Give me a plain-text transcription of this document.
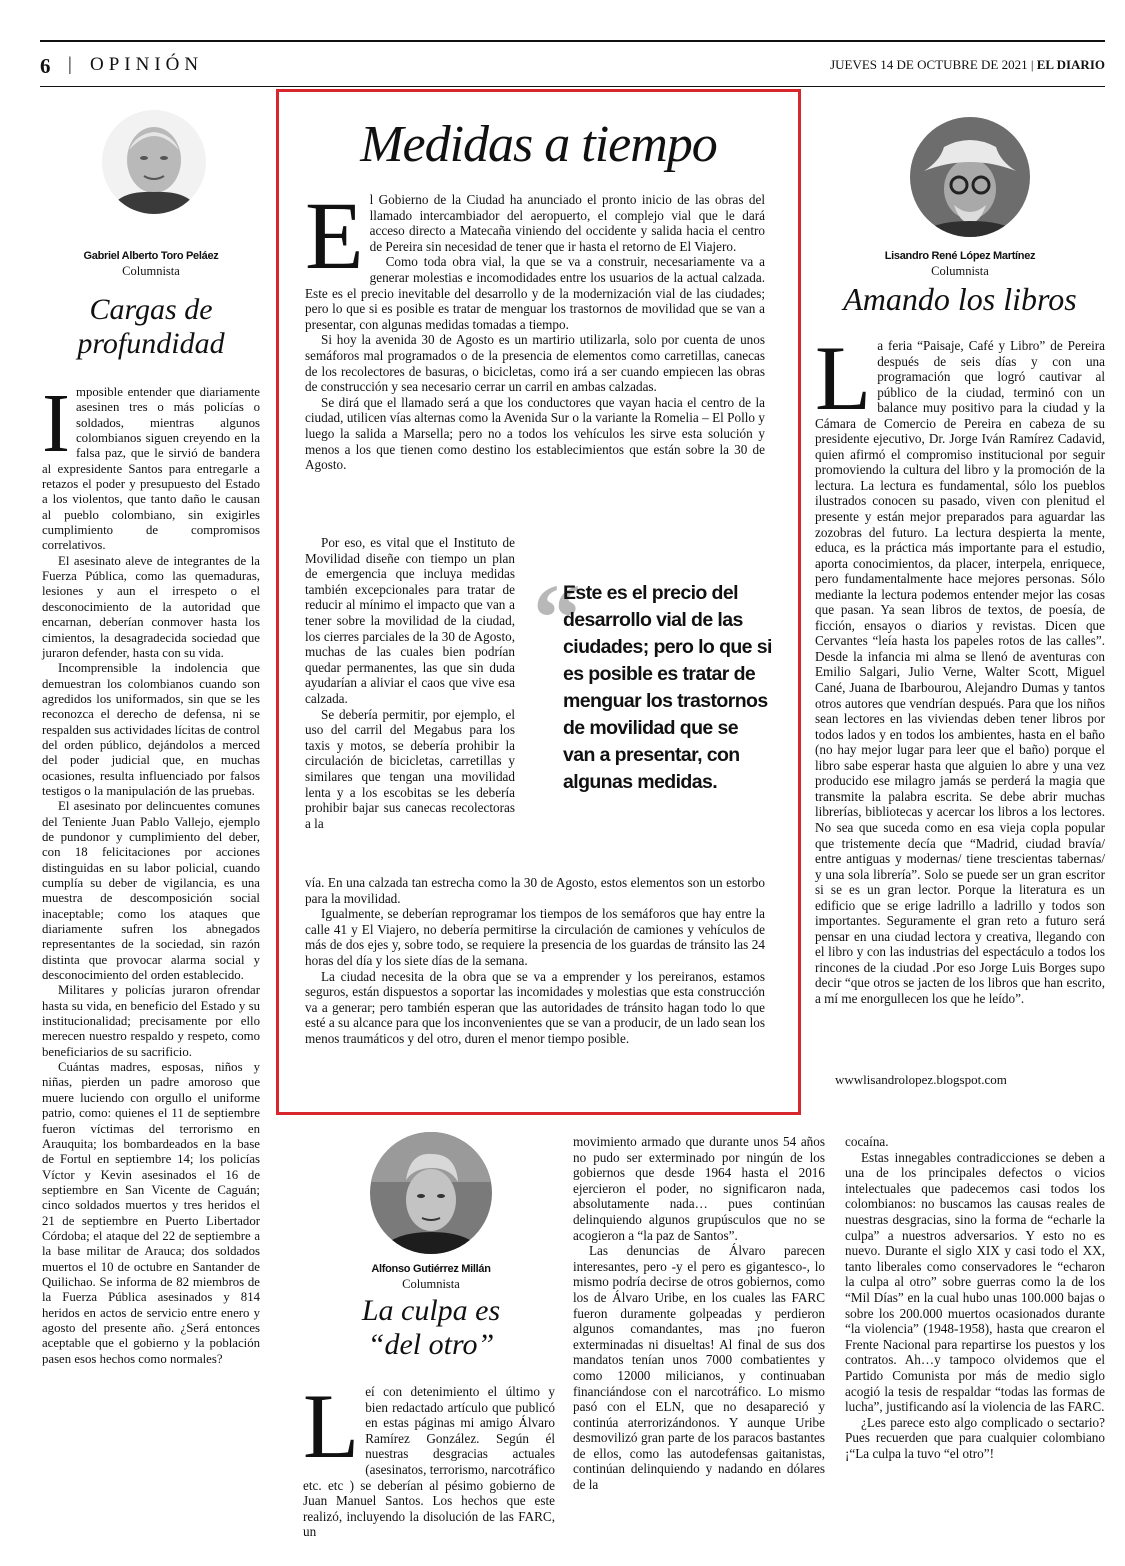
6 | OPINIÓN	JUEVES 14 DE OCTUBRE DE 2021 | EL DIARIO
Gabriel Alberto Toro Peláez
Columnista
Cargas de profundidad

Imposible entender que diariamente asesinen tres o más policías o soldados, mientras algunos colombianos siguen creyendo en la falsa paz, que le sirvió de bandera al expresidente Santos para entregarle a retazos el poder y presupuesto del Estado a los violentos, que tanto daño le causan al pueblo colombiano, sin exigirles cumplimiento de compromisos correlativos.

El asesinato aleve de integrantes de la Fuerza Pública, como las quemaduras, lesiones y aun el irrespeto o el desconocimiento de la autoridad que encarnan, deberían conmover hasta los cimientos, la desagradecida sociedad que juraron defender, hasta con su vida.

Incomprensible la indolencia que demuestran los colombianos cuando son agredidos los uniformados, sin que se les reconozca el derecho de defensa, ni se respalden sus actividades lícitas de control del orden público, dejándolos a merced del poder judicial que, en muchas ocasiones, resulta influenciado por falsos testigos o la manipulación de las pruebas.

El asesinato por delincuentes comunes del Teniente Juan Pablo Vallejo, ejemplo de pundonor y cumplimiento del deber, con 18 felicitaciones por acciones distinguidas en su labor policial, cuando cumplía su deber de vigilancia, es una muestra de descomposición social inaceptable; como los ataques que diariamente sufren los abnegados representantes de la sociedad, sin razón distinta que provocar alarma social y desconocimiento del orden establecido.

Militares y policías juraron ofrendar hasta su vida, en beneficio del Estado y su institucionalidad; precisamente por ello merecen nuestro respaldo y respeto, como beneficiarios de su sacrificio.

Cuántas madres, esposas, niños y niñas, pierden un padre amoroso que muere luciendo con orgullo el uniforme patrio, como: quienes el 11 de septiembre fueron víctimas del terrorismo en Arauquita; los bombardeados en la base de Fortul en septiembre 14; los policías Víctor y Kevin asesinados el 16 de septiembre en San Vicente de Caguán; cinco soldados muertos y tres heridos el 21 de septiembre en Puerto Libertador Córdoba; el ataque del 22 de septiembre a la base militar de Arauca; dos soldados muertos el 10 de octubre en Santander de Quilichao. Se informa de 82 miembros de la Fuerza Pública asesinados y 814 heridos en actos de servicio entre enero y agosto del presente año. ¿Será entonces aceptable que el gobierno y la población pasen esos hechos como normales?

Medidas a tiempo

El Gobierno de la Ciudad ha anunciado el pronto inicio de las obras del llamado intercambiador del aeropuerto, el complejo vial que le dará acceso directo a Matecaña viniendo del occidente y salida hacia el centro de Pereira sin necesidad de tener que ir hasta el retorno de El Viajero.

Como toda obra vial, la que se va a construir, necesariamente va a generar molestias e incomodidades entre los usuarios de la actual calzada. Este es el precio inevitable del desarrollo y de la modernización vial de las ciudades; pero lo que si es posible es tratar de menguar los trastornos de movilidad que se van a presentar, con algunas medidas tomadas a tiempo.

Si hoy la avenida 30 de Agosto es un martirio utilizarla, solo por cuenta de unos semáforos mal programados o de la presencia de elementos como carretillas, canecas de los recolectores de basuras, o bicicletas, como irá a ser cuando empiecen las obras de construcción y sea necesario cerrar un carril en ambas calzadas.

Se dirá que el llamado será a que los conductores que vayan hacia el centro de la ciudad, utilicen vías alternas como la Avenida Sur o la variante la Romelia – El Pollo y luego la salida a Marsella; pero no a todos los vehículos les sirve esta solución y menos a los que tienen como destino los establecimientos que están sobre la 30 de Agosto.

Por eso, es vital que el Instituto de Movilidad diseñe con tiempo un plan de emergencia que incluya medidas también excepcionales para tratar de reducir al mínimo el impacto que van a tener sobre la movilidad de la ciudad, los cierres parciales de la 30 de Agosto, muchas de las cuales bien podrían quedar permanentes, las que sin duda ayudarían a aliviar el caos que vive esa calzada.

Se debería permitir, por ejemplo, el uso del carril del Megabus para los taxis y motos, se debería prohibir la circulación de bicicletas, carretillas y similares que tengan una movilidad lenta y a los escobitas se les debería prohibir bajar sus canecas recolectoras a la

“
Este es el precio del desarrollo vial de las ciudades; pero lo que si es posible es tratar de menguar los trastornos de movilidad que se van a presentar, con algunas medidas.

vía. En una calzada tan estrecha como la 30 de Agosto, estos elementos son un estorbo para la movilidad.

Igualmente, se deberían reprogramar los tiempos de los semáforos que hay entre la calle 41 y El Viajero, no debería permitirse la circulación de camiones y vehículos de más de dos ejes y, sobre todo, se requiere la presencia de los guardas de tránsito las 24 horas del día y los siete días de la semana.

La ciudad necesita de la obra que se va a emprender y los pereiranos, estamos seguros, están dispuestos a soportar las incomidades y molestias que esta construcción va a generar; pero también esperan que las autoridades de tránsito hagan todo lo que esté a su alcance para que los inconvenientes que se van a producir, de un lado sean los menos traumáticos y del otro, duren el menor tiempo posible.

Lisandro René López Martínez
Columnista
Amando los libros

La feria “Paisaje, Café y Libro” de Pereira después de seis días y con una programación que logró cautivar al público de la ciudad, terminó con un balance muy positivo para la ciudad y la Cámara de Comercio de Pereira en cabeza de su presidente ejecutivo, Dr. Jorge Iván Ramírez Cadavid, quien afirmó el compromiso institucional por seguir promoviendo la cultura del libro y la promoción de la lectura. La lectura es fundamental, sólo los pueblos ilustrados conocen su pasado, viven con plenitud el presente y están mejor preparados para aguardar las zozobras del futuro. La lectura despierta la mente, educa, es la práctica más importante para el estudio, aporta conocimientos, da placer, interpela, enriquece, pero fundamentalmente hace mejores personas. Sólo mediante la lectura podemos entender mejor las cosas que pasan. Ya sean libros de textos, de poesía, de ficción, ensayos o diarios y revistas. Dicen que Cervantes “leía hasta los papeles rotos de las calles”. Desde la infancia mi alma se llenó de aventuras con Emilio Salgari, Julio Verne, Walter Scott, Miguel Cané, Juana de Ibarbourou, Alejandro Dumas y tantos otros autores que vendrían después. Para que los niños sean lectores en las viviendas deben tener libros por todos lados y en todos los ambientes, hasta en el baño (no hay mejor lugar para leer que el baño) porque el libro sabe esperar hasta que alguien lo abre y una vez producido ese milagro jamás se perderá la magia que transmite la palabra escrita. Se debe abrir muchas librerías, bibliotecas y acercar los libros a los lectores. No sea que suceda como en esa vieja copla popular que tristemente decía que “Madrid, ciudad bravía/ entre antiguas y modernas/ tiene trescientas tabernas/ y una sola librería”. Solo se puede ser un gran escritor si se es un gran lector. Porque la literatura es un edificio que se erige ladrillo a ladrillo y todos son importantes. Seguramente el gran reto a futuro será pensar en una ciudad lectora y creativa, llegando con el libro y con las industrias del espectáculo a todos los rincones de la ciudad .Por eso Jorge Luis Borges supo decir “que otros se jacten de los libros que han escrito, a mí me enorgullecen los que he leído”.

wwwlisandrolopez.blogspot.com
Alfonso Gutiérrez Millán
Columnista
La culpa es
“del otro”

Leí con detenimiento el último y bien redactado artículo que publicó en estas páginas mi amigo Álvaro Ramírez González. Según él nuestras desgracias actuales (asesinatos, terrorismo, narcotráfico etc. etc ) se deberían al pésimo gobierno de Juan Manuel Santos. Los hechos que este realizó, incluyendo la disolución de las FARC, un

movimiento armado que durante unos 54 años no pudo ser exterminado por ningún de los gobiernos que desde 1964 hasta el 2016 ejercieron el poder, no significaron nada, absolutamente nada… pues continúan delinquiendo algunos grupúsculos que no se acogieron a “la paz de Santos”.

Las denuncias de Álvaro parecen interesantes, pero -y el pero es gigantesco-, lo mismo podría decirse de otros gobiernos, como los de Álvaro Uribe, en los cuales las FARC fueron duramente golpeadas y perdieron algunos comandantes, mas ¡no fueron exterminadas ni disueltas! Al final de sus dos mandatos tenían unos 7000 combatientes y como 12000 milicianos, y continuaban financiándose con el narcotráfico. Lo mismo pasó con el ELN, que no desapareció y continúa aterrorizándonos. Y aunque Uribe desmovilizó gran parte de los paracos bastantes de ellos, como las autodefensas gaitanistas, continúan delinquiendo y nadando en dólares de la

cocaína.

Estas innegables contradicciones se deben a una de los principales defectos o vicios intelectuales que padecemos casi todos los colombianos: no buscamos las causas reales de nuestras desgracias, sino la forma de “echarle la culpa” a nuestros adversarios. Y esto no es nuevo. Durante el siglo XIX y casi todo el XX, tanto liberales como conservadores le “echaron la culpa al otro” sobre guerras como la de los “Mil Días” en la cual hubo unas 100.000 bajas o sobre los 200.000 muertos ocasionados durante “la violencia” (1948-1958), hasta que crearon el Frente Nacional para repartirse los puestos y los contratos. Ah…y tampoco olvidemos que el Partido Comunista por más de medio siglo acogió la tesis de respaldar “todas las formas de lucha”, justificando así la violencia de las FARC.

¿Les parece esto algo complicado o sectario? Pues recuerden que para cualquier colombiano ¡“La culpa la tuvo “el otro”!
